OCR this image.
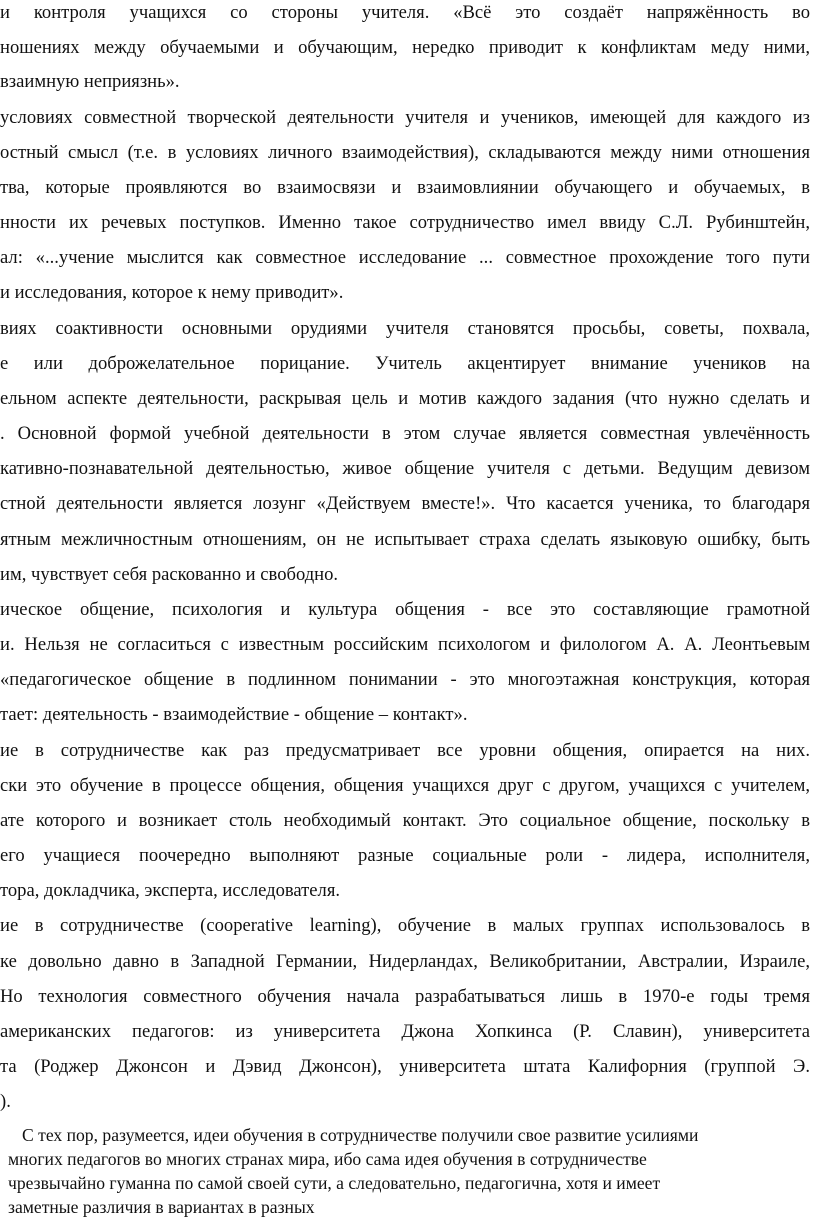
и контроля учащихся со стороны учителя. «Всё это создаёт напряжённость во
ношениях между обучаемыми и обучающим, нередко приводит к конфликтам меду ними,
взаимную неприязнь».
условиях совместной творческой деятельности учителя и учеников, имеющей для каждого из
остный смысл (т.е. в условиях личного взаимодействия), складываются между ними отношения
тва, которые проявляются во взаимосвязи и взаимовлиянии обучающего и обучаемых, в
нности их речевых поступков. Именно такое сотрудничество имел ввиду С.Л. Рубинштейн,
ал: «...учение мыслится как совместное исследование ... совместное прохождение того пути
и исследования, которое к нему приводит».
виях соактивности основными орудиями учителя становятся просьбы, советы, похвала,
е или доброжелательное порицание. Учитель акцентирует внимание учеников на
ельном аспекте деятельности, раскрывая цель и мотив каждого задания (что нужно сделать и
. Основной формой учебной деятельности в этом случае является совместная увлечённость
кативно-познавательной деятельностью, живое общение учителя с детьми. Ведущим девизом
стной деятельности является лозунг «Действуем вместе!». Что касается ученика, то благодаря
ятным межличностным отношениям, он не испытывает страха сделать языковую ошибку, быть
им, чувствует себя раскованно и свободно.
ическое общение, психология и культура общения - все это составляющие грамотной
и. Нельзя не согласиться с известным российским психологом и филологом А. А. Леонтьевым
«педагогическое общение в подлинном понимании - это многоэтажная конструкция, которая
тает: деятельность - взаимодействие - общение – контакт».
ие в сотрудничестве как раз предусматривает все уровни общения, опирается на них.
ски это обучение в процессе общения, общения учащихся друг с другом, учащихся с учителем,
ате которого и возникает столь необходимый контакт. Это социальное общение, поскольку в
его учащиеся поочередно выполняют разные социальные роли - лидера, исполнителя,
тора, докладчика, эксперта, исследователя.
ие в сотрудничестве (cooperative learning), обучение в малых группах использовалось в
ке довольно давно в Западной Германии, Нидерландах, Великобритании, Австралии, Израиле,
Но технология совместного обучения начала разрабатываться лишь в 1970-е годы тремя
американских педагогов: из университета Джона Хопкинса (Р. Славин), университета
та (Роджер Джонсон и Дэвид Джонсон), университета штата Калифорния (группой Э.
).
С тех пор, разумеется, идеи обучения в сотрудничестве получили свое развитие усилиями
многих педагогов во многих странах мира, ибо сама идея обучения в сотрудничестве
чрезвычайно гуманна по самой своей сути, а следовательно, педагогична, хотя и имеет
заметные различия в вариантах в разных
